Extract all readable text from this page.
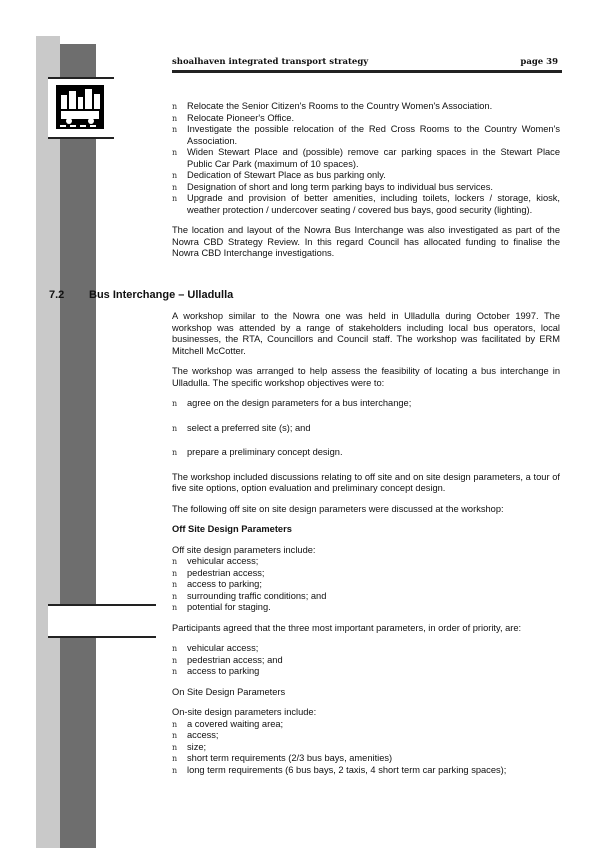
shoalhaven integrated transport strategy	page 39
n Relocate the Senior Citizen's Rooms to the Country Women's Association.
n Relocate Pioneer's Office.
n Investigate the possible relocation of the Red Cross Rooms to the Country Women's Association.
n Widen Stewart Place and (possible) remove car parking spaces in the Stewart Place Public Car Park (maximum of 10 spaces).
n Dedication of Stewart Place as bus parking only.
n Designation of short and long term parking bays to individual bus services.
n Upgrade and provision of better amenities, including toilets, lockers / storage, kiosk, weather protection / undercover seating / covered bus bays, good security (lighting).

The location and layout of the Nowra Bus Interchange was also investigated as part of the Nowra CBD Strategy Review. In this regard Council has allocated funding to finalise the Nowra CBD Interchange investigations.

7.2 Bus Interchange – Ulladulla

A workshop similar to the Nowra one was held in Ulladulla during October 1997. The workshop was attended by a range of stakeholders including local bus operators, local businesses, the RTA, Councillors and Council staff. The workshop was facilitated by ERM Mitchell McCotter.

The workshop was arranged to help assess the feasibility of locating a bus interchange in Ulladulla. The specific workshop objectives were to:

n agree on the design parameters for a bus interchange;
n select a preferred site (s); and
n prepare a preliminary concept design.

The workshop included discussions relating to off site and on site design parameters, a tour of five site options, option evaluation and preliminary concept design.

The following off site on site design parameters were discussed at the workshop:

Off Site Design Parameters

Off site design parameters include:

n vehicular access;
n pedestrian access;
n access to parking;
n surrounding traffic conditions; and
n potential for staging.

Participants agreed that the three most important parameters, in order of priority, are:

n vehicular access;
n pedestrian access; and
n access to parking

On Site Design Parameters

On-site design parameters include:

n a covered waiting area;
n access;
n size;
n short term requirements (2/3 bus bays, amenities)
n long term requirements (6 bus bays, 2 taxis, 4 short term car parking spaces);
